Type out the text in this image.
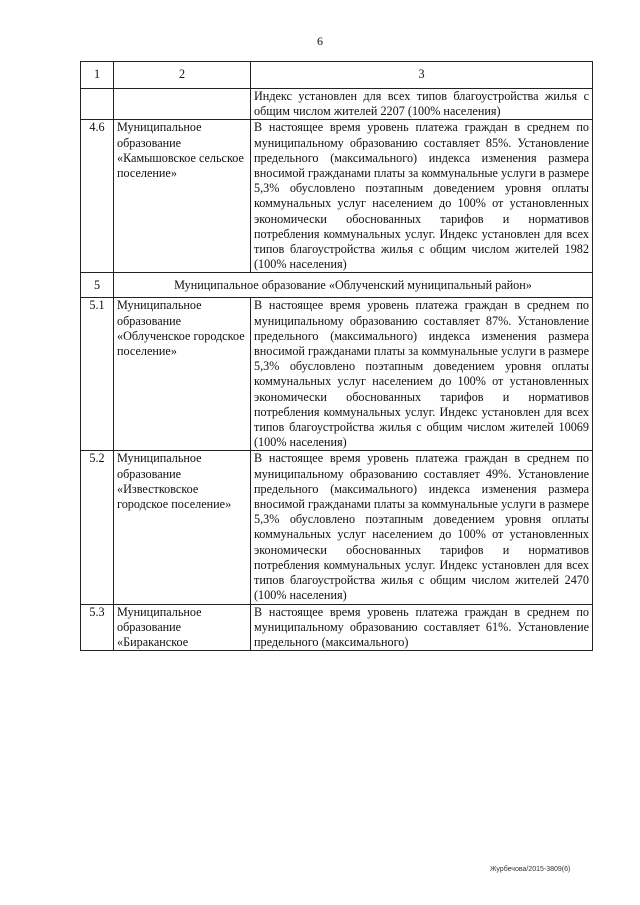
6
1	2	3
		Индекс установлен для всех типов благоустройства жилья с общим числом жителей 2207 (100% населения)
4.6	Муниципальное образование «Камышовское сельское поселение»	В настоящее время уровень платежа граждан в среднем по муниципальному образованию составляет 85%. Установление предельного (максимального) индекса изменения размера вносимой гражданами платы за коммунальные услуги в размере 5,3% обусловлено поэтапным доведением уровня оплаты коммунальных услуг населением до 100% от установленных экономически обоснованных тарифов и нормативов потребления коммунальных услуг. Индекс установлен для всех типов благоустройства жилья с общим числом жителей 1982 (100% населения)
5	Муниципальное образование «Облученский муниципальный район»	
5.1	Муниципальное образование «Облученское городское поселение»	В настоящее время уровень платежа граждан в среднем по муниципальному образованию составляет 87%. Установление предельного (максимального) индекса изменения размера вносимой гражданами платы за коммунальные услуги в размере 5,3% обусловлено поэтапным доведением уровня оплаты коммунальных услуг населением до 100% от установленных экономически обоснованных тарифов и нормативов потребления коммунальных услуг. Индекс установлен для всех типов благоустройства жилья с общим числом жителей 10069 (100% населения)
5.2	Муниципальное образование «Известковское городское поселение»	В настоящее время уровень платежа граждан в среднем по муниципальному образованию составляет 49%. Установление предельного (максимального) индекса изменения размера вносимой гражданами платы за коммунальные услуги в размере 5,3% обусловлено поэтапным доведением уровня оплаты коммунальных услуг населением до 100% от установленных экономически обоснованных тарифов и нормативов потребления коммунальных услуг. Индекс установлен для всех типов благоустройства жилья с общим числом жителей 2470 (100% населения)
5.3	Муниципальное образование «Бираканское	В настоящее время уровень платежа граждан в среднем по муниципальному образованию составляет 61%. Установление предельного (максимального)
Журбечова/2015-3809(6)
